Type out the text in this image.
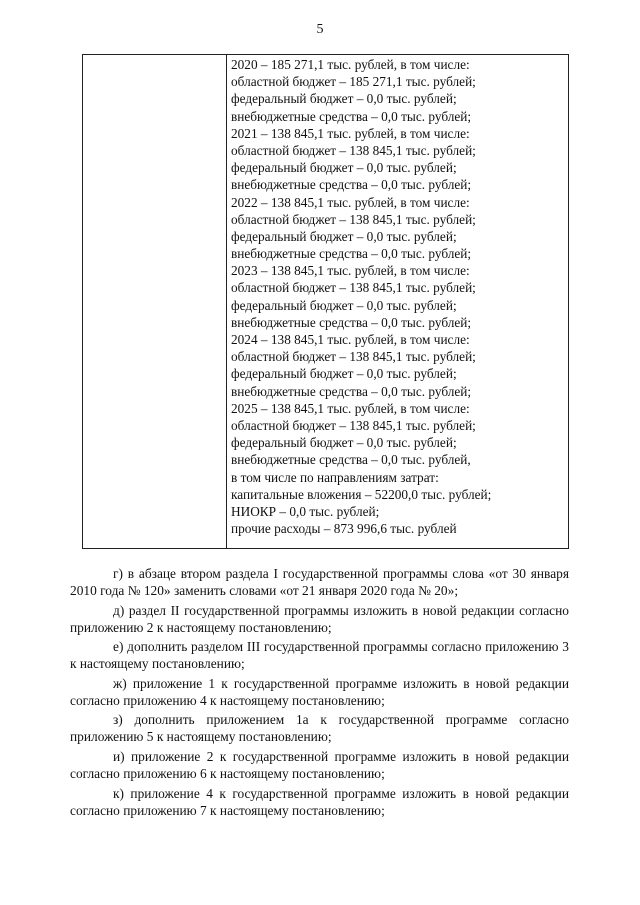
5
2020 – 185 271,1 тыс. рублей, в том числе:
областной бюджет – 185 271,1 тыс. рублей;
федеральный бюджет – 0,0 тыс. рублей;
внебюджетные средства – 0,0 тыс. рублей;
2021 – 138 845,1 тыс. рублей, в том числе:
областной бюджет – 138 845,1 тыс. рублей;
федеральный бюджет – 0,0 тыс. рублей;
внебюджетные средства – 0,0 тыс. рублей;
2022 – 138 845,1 тыс. рублей, в том числе:
областной бюджет – 138 845,1 тыс. рублей;
федеральный бюджет – 0,0 тыс. рублей;
внебюджетные средства – 0,0 тыс. рублей;
2023 – 138 845,1 тыс. рублей, в том числе:
областной бюджет – 138 845,1 тыс. рублей;
федеральный бюджет – 0,0 тыс. рублей;
внебюджетные средства – 0,0 тыс. рублей;
2024 – 138 845,1 тыс. рублей, в том числе:
областной бюджет – 138 845,1 тыс. рублей;
федеральный бюджет – 0,0 тыс. рублей;
внебюджетные средства – 0,0 тыс. рублей;
2025 – 138 845,1 тыс. рублей, в том числе:
областной бюджет – 138 845,1 тыс. рублей;
федеральный бюджет – 0,0 тыс. рублей;
внебюджетные средства – 0,0 тыс. рублей,
в том числе по направлениям затрат:
капитальные вложения – 52200,0 тыс. рублей;
НИОКР – 0,0 тыс. рублей;
прочие расходы – 873 996,6 тыс. рублей

г) в абзаце втором раздела I государственной программы слова «от 30 января 2010 года № 120» заменить словами «от 21 января 2020 года № 20»;

д) раздел II государственной программы изложить в новой редакции согласно приложению 2 к настоящему постановлению;

е) дополнить разделом III государственной программы согласно приложению 3 к настоящему постановлению;

ж) приложение 1 к государственной программе изложить в новой редакции согласно приложению 4 к настоящему постановлению;

з) дополнить приложением 1а к государственной программе согласно приложению 5 к настоящему постановлению;

и) приложение 2 к государственной программе изложить в новой редакции согласно приложению 6 к настоящему постановлению;

к) приложение 4 к государственной программе изложить в новой редакции согласно приложению 7 к настоящему постановлению;
